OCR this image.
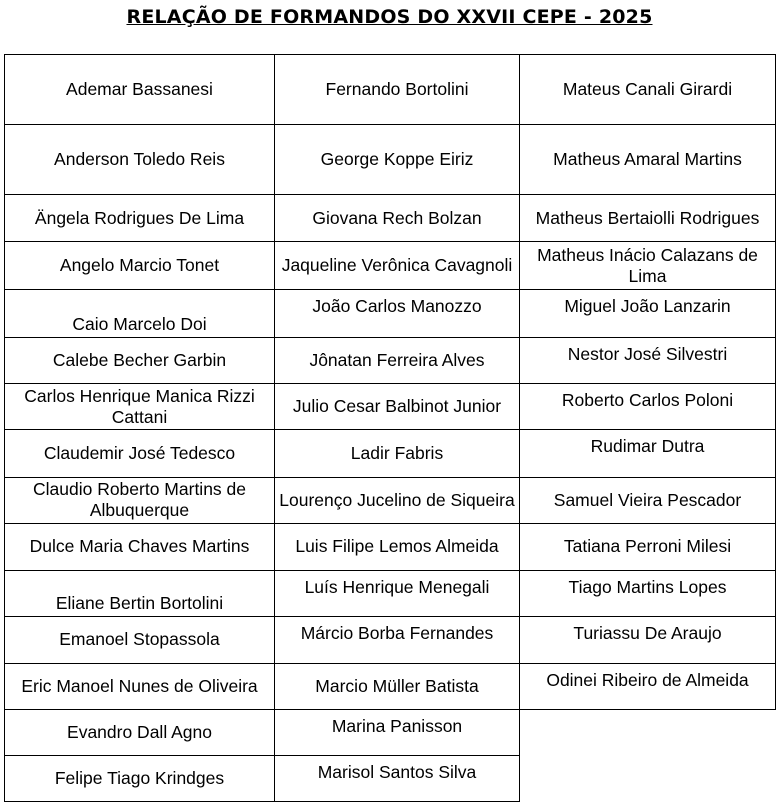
RELAÇÃO DE FORMANDOS DO XXVII CEPE - 2025
Ademar Bassanesi	Fernando Bortolini	Mateus Canali Girardi
Anderson Toledo Reis	George Koppe Eiriz	Matheus Amaral Martins
Ängela Rodrigues De Lima	Giovana Rech Bolzan	Matheus Bertaiolli Rodrigues
Angelo Marcio Tonet	Jaqueline Verônica Cavagnoli	Matheus Inácio Calazans de Lima
Caio Marcelo Doi	João Carlos Manozzo	Miguel João Lanzarin
Calebe Becher Garbin	Jônatan Ferreira Alves	Nestor José Silvestri
Carlos Henrique Manica Rizzi Cattani	Julio Cesar Balbinot Junior	Roberto Carlos Poloni
Claudemir José Tedesco	Ladir Fabris	Rudimar Dutra
Claudio Roberto Martins de Albuquerque	Lourenço Jucelino de Siqueira	Samuel Vieira Pescador
Dulce Maria Chaves Martins	Luis Filipe Lemos Almeida	Tatiana Perroni Milesi
Eliane Bertin Bortolini	Luís Henrique Menegali	Tiago Martins Lopes
Emanoel Stopassola	Márcio Borba Fernandes	Turiassu De Araujo
Eric Manoel Nunes de Oliveira	Marcio Müller Batista	Odinei Ribeiro de Almeida
Evandro Dall Agno	Marina Panisson	
Felipe Tiago Krindges	Marisol Santos Silva	
